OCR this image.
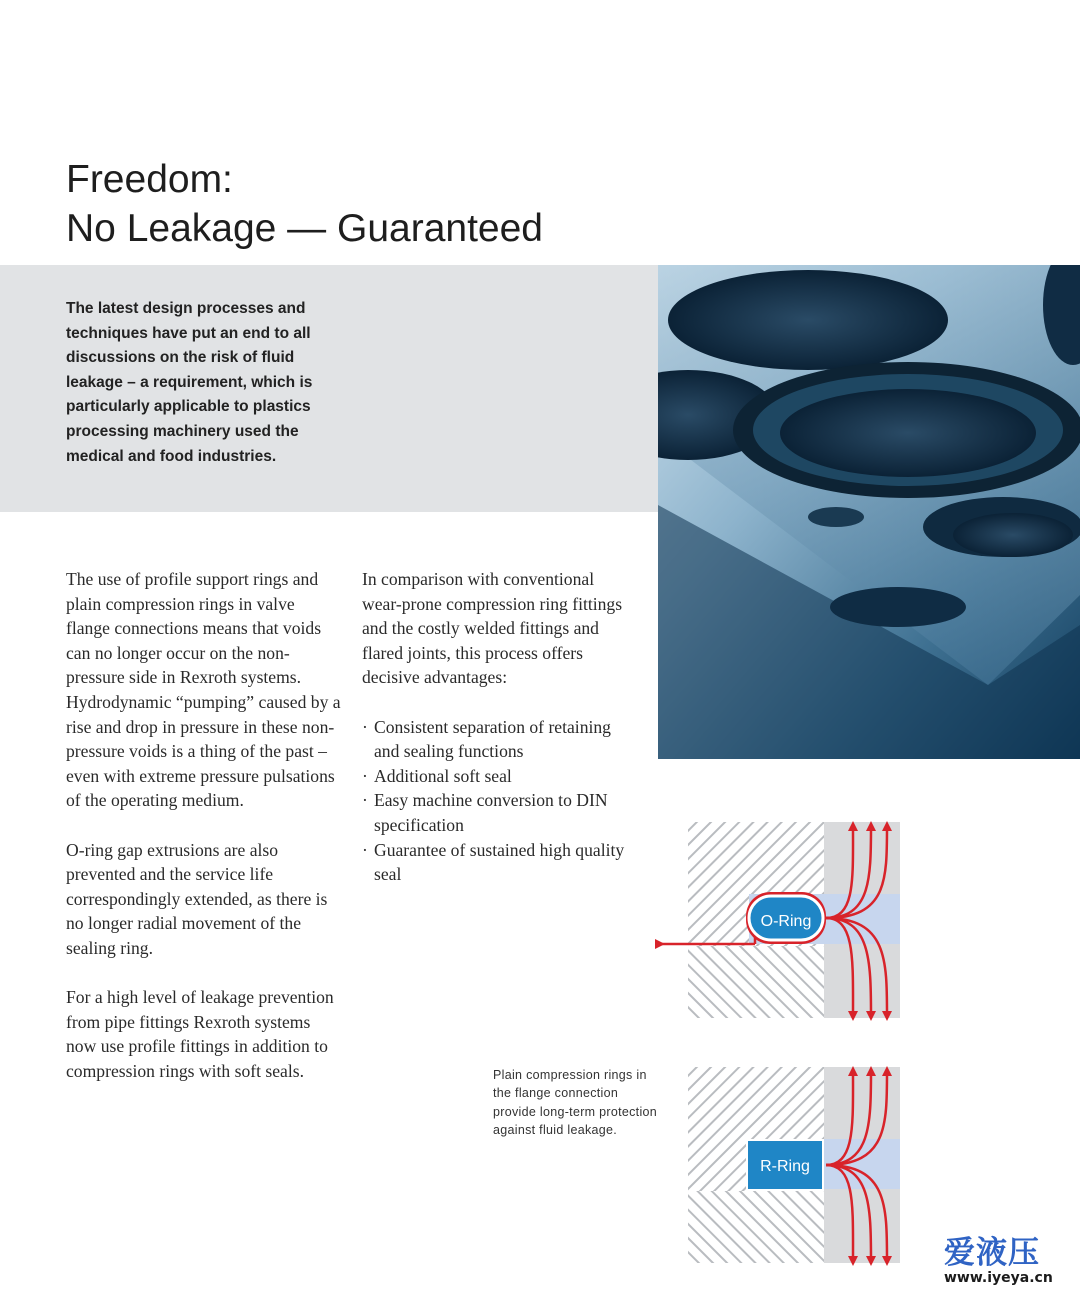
Freedom:
No Leakage — Guaranteed

The latest design processes and techniques have put an end to all discussions on the risk of fluid leakage – a requirement, which is particularly applicable to plastics processing machinery used the medical and food industries.

The use of profile support rings and plain compression rings in valve flange connections means that voids can no longer occur on the non-pressure side in Rexroth systems. Hydrodynamic “pumping” caused by a rise and drop in pressure in these non-pressure voids is a thing of the past – even with extreme pressure pulsations of the operating medium.

O-ring gap extrusions are also prevented and the service life correspondingly extended, as there is no longer radial movement of the sealing ring.

For a high level of leakage prevention from pipe fittings Rexroth systems now use profile fittings in addition to compression rings with soft seals.

In comparison with conventional wear-prone compression ring fittings and the costly welded fittings and flared joints, this process offers decisive advantages:

· Consistent separation of retaining and sealing functions
· Additional soft seal
· Easy machine conversion to DIN specification
· Guarantee of sustained high quality seal

Plain compression rings in the flange connection provide long-term protection against fluid leakage.

O-Ring
R-Ring
爱液压
www.iyeya.cn
